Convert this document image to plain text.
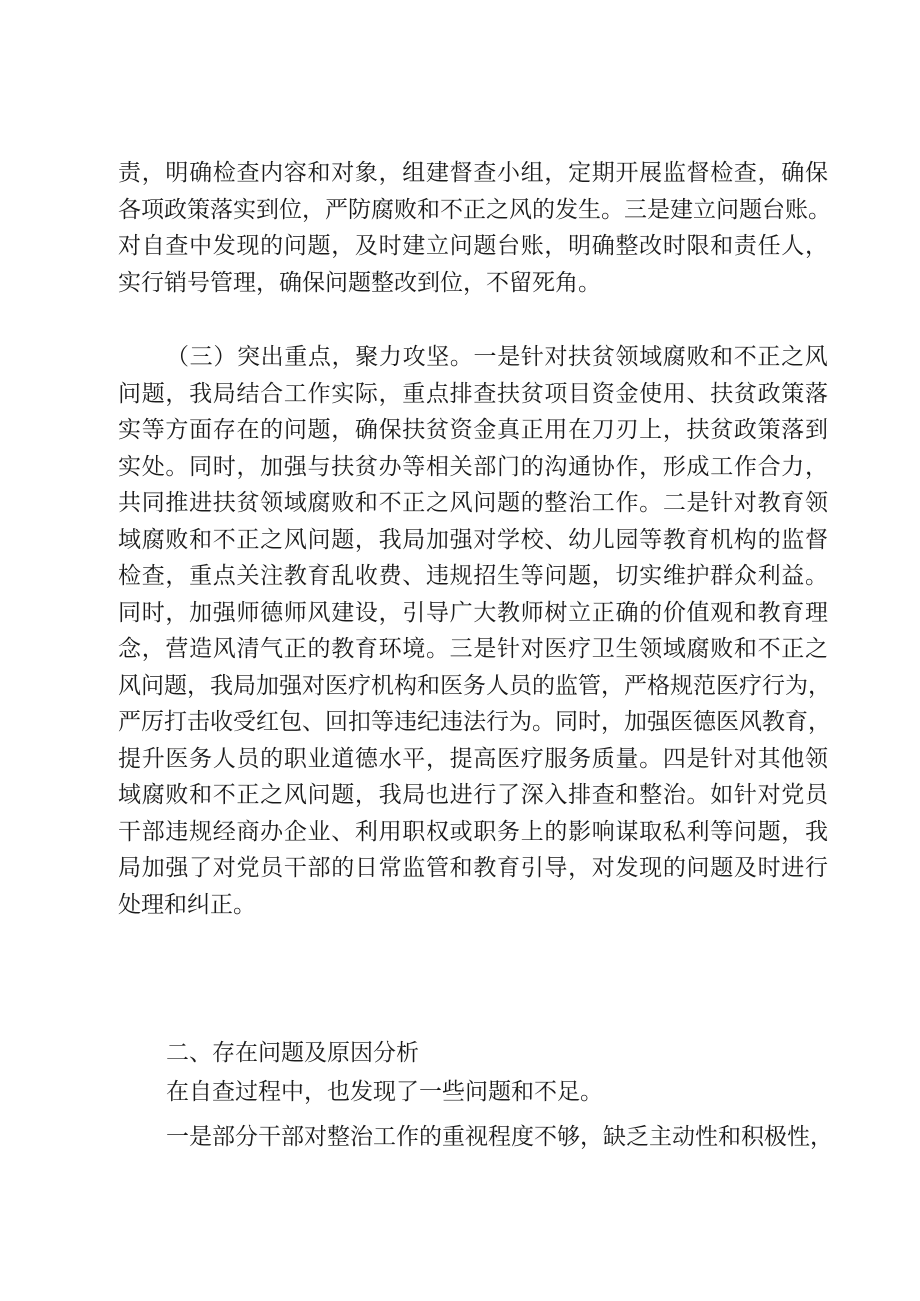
责 ， 明 确 检 查 内 容 和 对 象 ， 组 建 督 查 小 组 ， 定 期 开 展 监 督 检 查 ， 确 保
各 项 政 策 落 实 到 位 ， 严 防 腐 败 和 不 正 之 风 的 发 生 。 三 是 建 立 问 题 台 账 。
对 自 查 中 发 现 的 问 题 ， 及 时 建 立 问 题 台 账 ， 明 确 整 改 时 限 和 责 任 人 ，
实行销号管理，确保问题整改到位，不留死角。
（ 三 ） 突 出 重 点 ， 聚 力 攻 坚 。 一 是 针 对 扶 贫 领 域 腐 败 和 不 正 之 风
问 题 ， 我 局 结 合 工 作 实 际 ， 重 点 排 查 扶 贫 项 目 资 金 使 用 、 扶 贫 政 策 落
实 等 方 面 存 在 的 问 题 ， 确 保 扶 贫 资 金 真 正 用 在 刀 刃 上 ， 扶 贫 政 策 落 到
实 处 。 同 时 ， 加 强 与 扶 贫 办 等 相 关 部 门 的 沟 通 协 作 ， 形 成 工 作 合 力 ，
共 同 推 进 扶 贫 领 域 腐 败 和 不 正 之 风 问 题 的 整 治 工 作 。 二 是 针 对 教 育 领
域 腐 败 和 不 正 之 风 问 题 ， 我 局 加 强 对 学 校 、 幼 儿 园 等 教 育 机 构 的 监 督
检 查 ， 重 点 关 注 教 育 乱 收 费 、 违 规 招 生 等 问 题 ， 切 实 维 护 群 众 利 益 。
同 时 ， 加 强 师 德 师 风 建 设 ， 引 导 广 大 教 师 树 立 正 确 的 价 值 观 和 教 育 理
念 ， 营 造 风 清 气 正 的 教 育 环 境 。 三 是 针 对 医 疗 卫 生 领 域 腐 败 和 不 正 之
风 问 题 ， 我 局 加 强 对 医 疗 机 构 和 医 务 人 员 的 监 管 ， 严 格 规 范 医 疗 行 为 ，
严 厉 打 击 收 受 红 包 、 回 扣 等 违 纪 违 法 行 为 。 同 时 ， 加 强 医 德 医 风 教 育 ，
提 升 医 务 人 员 的 职 业 道 德 水 平 ， 提 高 医 疗 服 务 质 量 。 四 是 针 对 其 他 领
域 腐 败 和 不 正 之 风 问 题 ， 我 局 也 进 行 了 深 入 排 查 和 整 治 。 如 针 对 党 员
干 部 违 规 经 商 办 企 业 、 利 用 职 权 或 职 务 上 的 影 响 谋 取 私 利 等 问 题 ， 我
局 加 强 了 对 党 员 干 部 的 日 常 监 管 和 教 育 引 导 ， 对 发 现 的 问 题 及 时 进 行
处理和纠正。
二、存在问题及原因分析
在自查过程中，也发现了一些问题和不足。
一 是 部 分 干 部 对 整 治 工 作 的 重 视 程 度 不 够 ， 缺 乏 主 动 性 和 积 极 性 ，
